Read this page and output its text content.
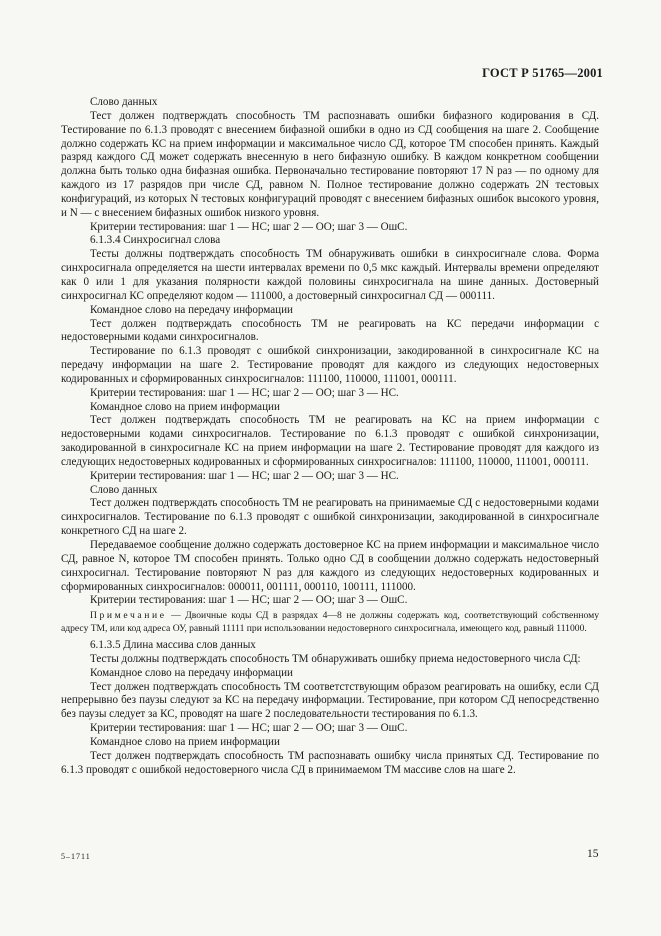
ГОСТ Р 51765—2001

Слово данных

Тест должен подтверждать способность ТМ распознавать ошибки бифазного кодирования в СД. Тестирование по 6.1.3 проводят с внесением бифазной ошибки в одно из СД сообщения на шаге 2. Сообщение должно содержать КС на прием информации и максимальное число СД, которое ТМ способен принять. Каждый разряд каждого СД может содержать внесенную в него бифазную ошибку. В каждом конкретном сообщении должна быть только одна бифазная ошибка. Первоначально тестирование повторяют 17 N раз — по одному для каждого из 17 разрядов при числе СД, равном N. Полное тестирование должно содержать 2N тестовых конфигураций, из которых N тестовых конфигураций проводят с внесением бифазных ошибок высокого уровня, и N — с внесением бифазных ошибок низкого уровня.

Критерии тестирования: шаг 1 — НС; шаг 2 — ОО; шаг 3 — ОшС.

6.1.3.4 Синхросигнал слова

Тесты должны подтверждать способность ТМ обнаруживать ошибки в синхросигнале слова. Форма синхросигнала определяется на шести интервалах времени по 0,5 мкс каждый. Интервалы времени определяют как 0 или 1 для указания полярности каждой половины синхросигнала на шине данных. Достоверный синхросигнал КС определяют кодом — 111000, а достоверный синхросигнал СД — 000111.

Командное слово на передачу информации

Тест должен подтверждать способность ТМ не реагировать на КС передачи информации с недостоверными кодами синхросигналов.

Тестирование по 6.1.3 проводят с ошибкой синхронизации, закодированной в синхросигнале КС на передачу информации на шаге 2. Тестирование проводят для каждого из следующих недостоверных кодированных и сформированных синхросигналов: 111100, 110000, 111001, 000111.

Критерии тестирования: шаг 1 — НС; шаг 2 — ОО; шаг 3 — НС.

Командное слово на прием информации

Тест должен подтверждать способность ТМ не реагировать на КС на прием информации с недостоверными кодами синхросигналов. Тестирование по 6.1.3 проводят с ошибкой синхронизации, закодированной в синхросигнале КС на прием информации на шаге 2. Тестирование проводят для каждого из следующих недостоверных кодированных и сформированных синхросигналов: 111100, 110000, 111001, 000111.

Критерии тестирования: шаг 1 — НС; шаг 2 — ОО; шаг 3 — НС.

Слово данных

Тест должен подтверждать способность ТМ не реагировать на принимаемые СД с недостоверными кодами синхросигналов. Тестирование по 6.1.3 проводят с ошибкой синхронизации, закодированной в синхросигнале конкретного СД на шаге 2.

Передаваемое сообщение должно содержать достоверное КС на прием информации и максимальное число СД, равное N, которое ТМ способен принять. Только одно СД в сообщении должно содержать недостоверный синхросигнал. Тестирование повторяют N раз для каждого из следующих недостоверных кодированных и сформированных синхросигналов: 000011, 001111, 000110, 100111, 111000.

Критерии тестирования: шаг 1 — НС; шаг 2 — ОО; шаг 3 — ОшС.

Примечание — Двоичные коды СД в разрядах 4—8 не должны содержать код, соответствующий собственному адресу ТМ, или код адреса ОУ, равный 11111 при использовании недостоверного синхросигнала, имеющего код, равный 111000.

6.1.3.5 Длина массива слов данных

Тесты должны подтверждать способность ТМ обнаруживать ошибку приема недостоверного числа СД:

Командное слово на передачу информации

Тест должен подтверждать способность ТМ соответстствующим образом реагировать на ошибку, если СД непрерывно без паузы следуют за КС на передачу информации. Тестирование, при котором СД непосредственно без паузы следует за КС, проводят на шаге 2 последовательности тестирования по 6.1.3.

Критерии тестирования: шаг 1 — НС; шаг 2 — ОО; шаг 3 — ОшС.

Командное слово на прием информации

Тест должен подтверждать способность ТМ распознавать ошибку числа принятых СД. Тестирование по 6.1.3 проводят с ошибкой недостоверного числа СД в принимаемом ТМ массиве слов на шаге 2.

5–1711	15
